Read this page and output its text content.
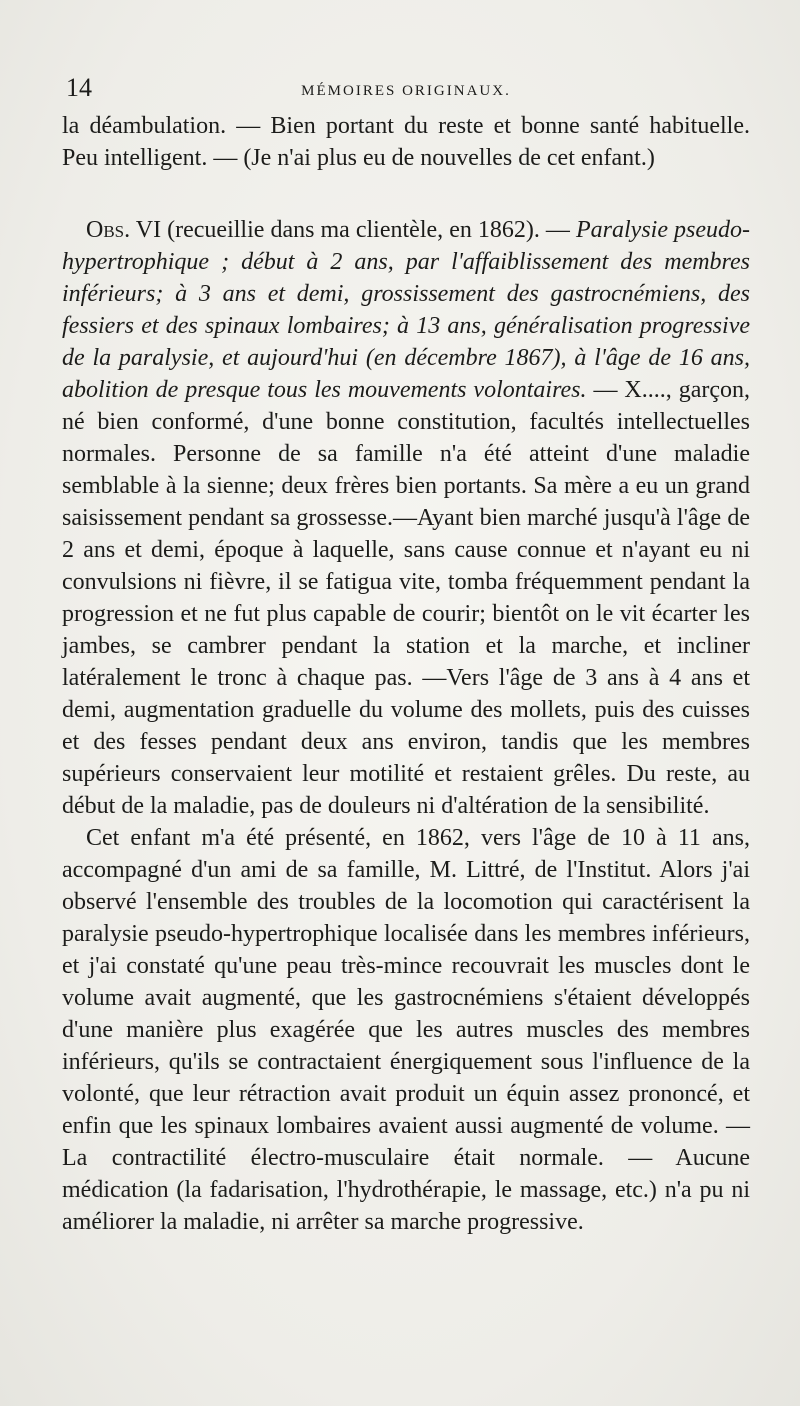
14	MÉMOIRES ORIGINAUX.

la déambulation. — Bien portant du reste et bonne santé habituelle. Peu intelligent. — (Je n'ai plus eu de nouvelles de cet enfant.)

Obs. VI (recueillie dans ma clientèle, en 1862). — Paralysie pseudo-hypertrophique ; début à 2 ans, par l'affaiblissement des membres inférieurs; à 3 ans et demi, grossissement des gastrocnémiens, des fessiers et des spinaux lombaires; à 13 ans, généralisation progressive de la paralysie, et aujourd'hui (en décembre 1867), à l'âge de 16 ans, abolition de presque tous les mouvements volontaires. — X...., garçon, né bien conformé, d'une bonne constitution, facultés intellectuelles normales. Personne de sa famille n'a été atteint d'une maladie semblable à la sienne; deux frères bien portants. Sa mère a eu un grand saisissement pendant sa grossesse.—Ayant bien marché jusqu'à l'âge de 2 ans et demi, époque à laquelle, sans cause connue et n'ayant eu ni convulsions ni fièvre, il se fatigua vite, tomba fréquemment pendant la progression et ne fut plus capable de courir; bientôt on le vit écarter les jambes, se cambrer pendant la station et la marche, et incliner latéralement le tronc à chaque pas. —Vers l'âge de 3 ans à 4 ans et demi, augmentation graduelle du volume des mollets, puis des cuisses et des fesses pendant deux ans environ, tandis que les membres supérieurs conservaient leur motilité et restaient grêles. Du reste, au début de la maladie, pas de douleurs ni d'altération de la sensibilité.

Cet enfant m'a été présenté, en 1862, vers l'âge de 10 à 11 ans, accompagné d'un ami de sa famille, M. Littré, de l'Institut. Alors j'ai observé l'ensemble des troubles de la locomotion qui caractérisent la paralysie pseudo-hypertrophique localisée dans les membres inférieurs, et j'ai constaté qu'une peau très-mince recouvrait les muscles dont le volume avait augmenté, que les gastrocnémiens s'étaient développés d'une manière plus exagérée que les autres muscles des membres inférieurs, qu'ils se contractaient énergiquement sous l'influence de la volonté, que leur rétraction avait produit un équin assez prononcé, et enfin que les spinaux lombaires avaient aussi augmenté de volume. — La contractilité électro-musculaire était normale. — Aucune médication (la fadarisation, l'hydrothérapie, le massage, etc.) n'a pu ni améliorer la maladie, ni arrêter sa marche progressive.
